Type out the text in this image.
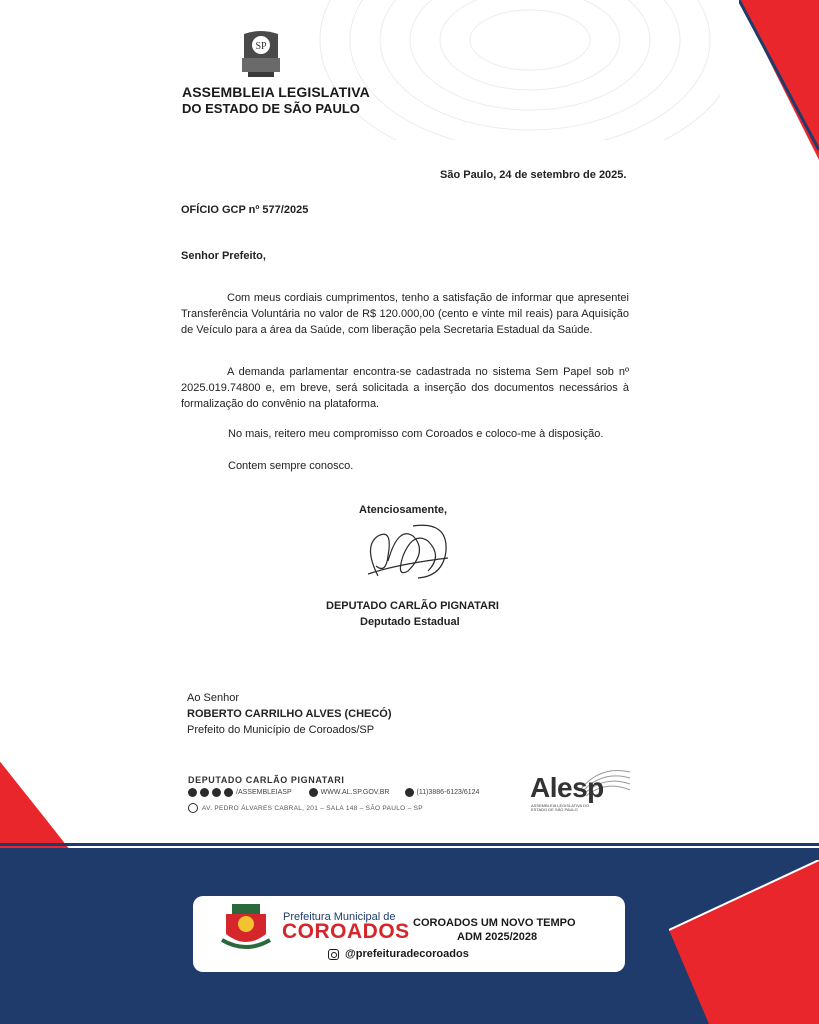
SP
ASSEMBLEIA LEGISLATIVA
DO ESTADO DE SÃO PAULO
São Paulo, 24 de setembro de 2025.
OFÍCIO GCP nº 577/2025
Senhor Prefeito,
Com meus cordiais cumprimentos, tenho a satisfação de informar que apresentei Transferência Voluntária no valor de R$ 120.000,00 (cento e vinte mil reais) para Aquisição de Veículo para a área da Saúde, com liberação pela Secretaria Estadual da Saúde.
A demanda parlamentar encontra-se cadastrada no sistema Sem Papel sob nº 2025.019.74800 e, em breve, será solicitada a inserção dos documentos necessários à formalização do convênio na plataforma.
No mais, reitero meu compromisso com Coroados e coloco-me à disposição.
Contem sempre conosco.
Atenciosamente,
DEPUTADO CARLÃO PIGNATARI
Deputado Estadual
Ao Senhor
ROBERTO CARRILHO ALVES (CHECÓ)
Prefeito do Município de Coroados/SP
DEPUTADO CARLÃO PIGNATARI
/ASSEMBLEIASP	WWW.AL.SP.GOV.BR	(11)3886-6123/6124
AV. PEDRO ÁLVARES CABRAL, 201 – SALA 148 – SÃO PAULO – SP
Alesp
ASSEMBLEIA LEGISLATIVA DO ESTADO DE SÃO PAULO
Prefeitura Municipal de
COROADOS COROADOS UM NOVO TEMPO
ADM 2025/2028
@prefeituradecoroados
